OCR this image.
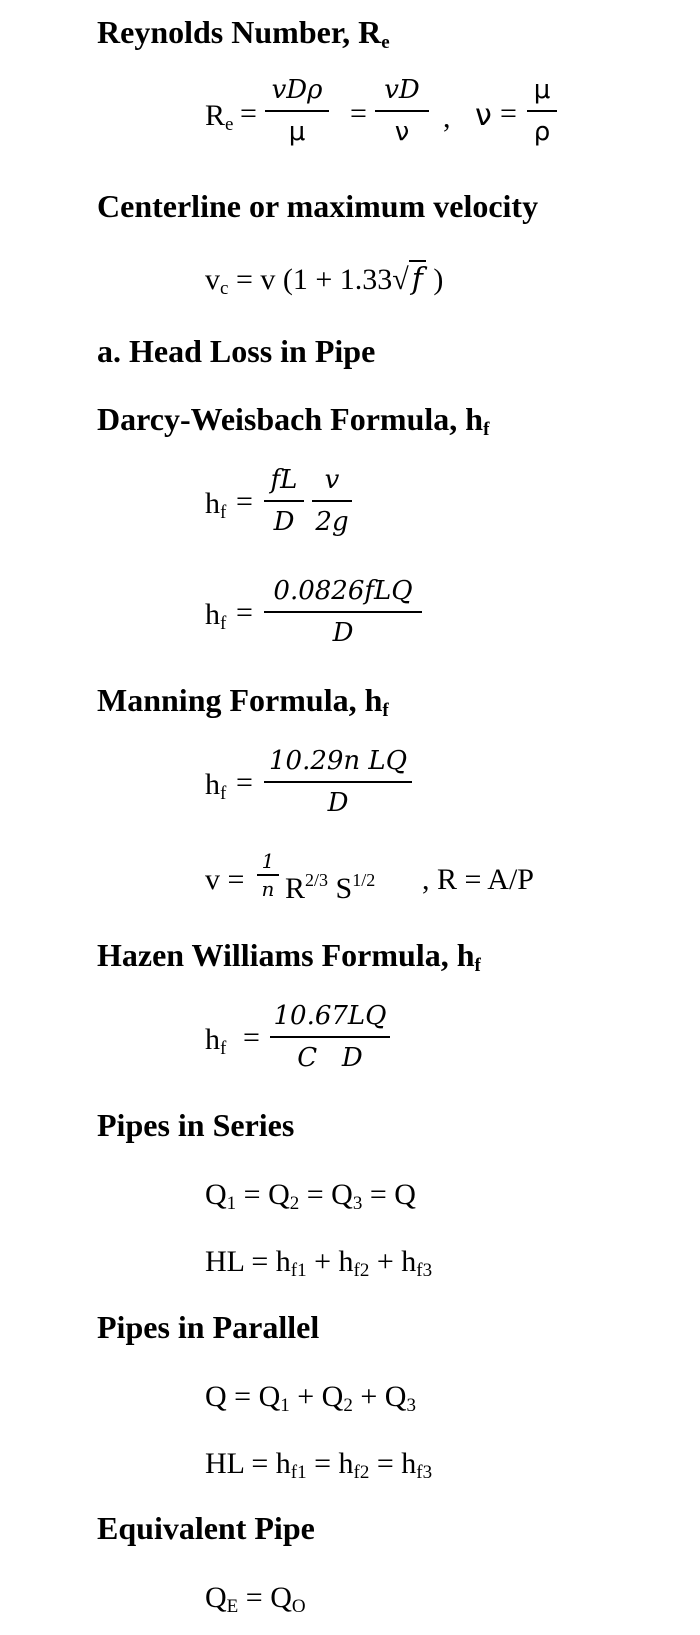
Reynolds Number, $R_e$
$R_e$ =
vDρ
μ
=
vD
ν	, ν =
μ
ρ
Centerline or maximum velocity
$v_c = v$ (1 + 1.33√ f )
a. Head Loss in Pipe
Darcy-Weisbach Formula, $h_f$
$h_f$ =
fL
D
v
2g
$h_f$ =
0.0826fLQ
D
Manning Formula, $h_f$
$h_f$ =
10.29n LQ
D
v =
1
n $R^{2/3}$ $S^{1/2}$ , R = A/P
Hazen Williams Formula, $h_f$
$h_f$ =
10.67LQ
C   D
Pipes in Series
$Q_1 = Q_2 = Q_3 = Q$
HL = $h_{f1} + h_{f2} + h_{f3}$
Pipes in Parallel
$Q = Q_1 + Q_2 + Q_3$
HL = $h_{f1} = h_{f2} = h_{f3}$
Equivalent Pipe
$Q_E = Q_O$
